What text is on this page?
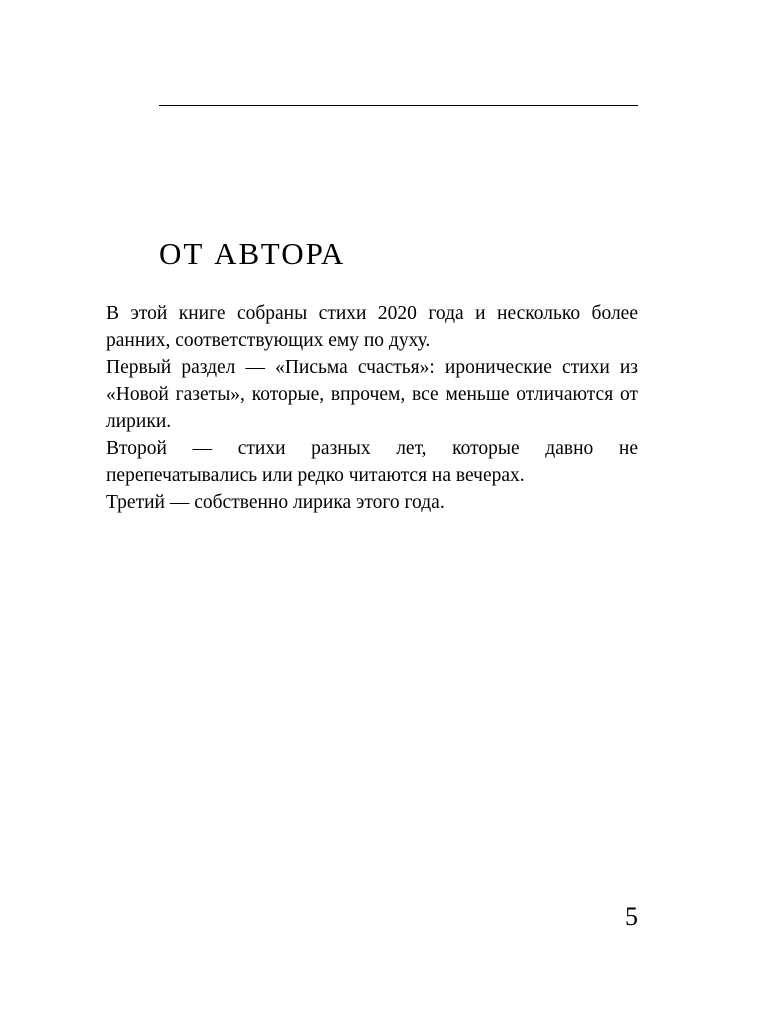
ОТ АВТОРА

В этой книге собраны стихи 2020 года и несколько более ранних, соответствующих ему по духу.

Первый раздел — «Письма счастья»: иронические стихи из «Новой газеты», которые, впрочем, все меньше отличаются от лирики.

Второй — стихи разных лет, которые давно не перепечатывались или редко читаются на вечерах.

Третий — собственно лирика этого года.

5
